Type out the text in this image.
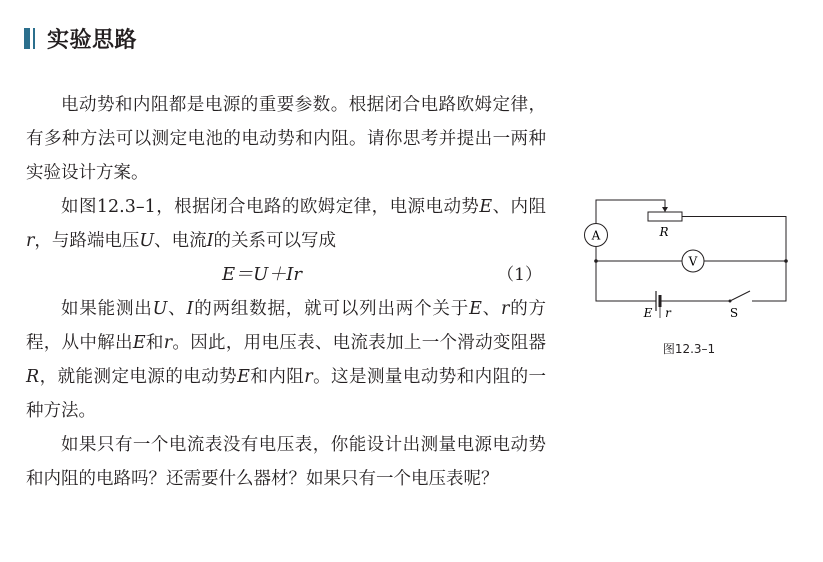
实验思路

电动势和内阻都是电源的重要参数。根据闭合电路欧姆定律，有多种方法可以测定电池的电动势和内阻。请你思考并提出一两种实验设计方案。

如图12.3–1，根据闭合电路的欧姆定律，电源电动势E、内阻r，与路端电压U、电流I的关系可以写成

E＝U＋Ir	（1）

如果能测出U、I的两组数据，就可以列出两个关于E、r的方程，从中解出E和r。因此，用电压表、电流表加上一个滑动变阻器R，就能测定电源的电动势E和内阻r。这是测量电动势和内阻的一种方法。

如果只有一个电流表没有电压表，你能设计出测量电源电动势和内阻的电路吗？还需要什么器材？如果只有一个电压表呢？

A
V
R
E r	S
图12.3–1
